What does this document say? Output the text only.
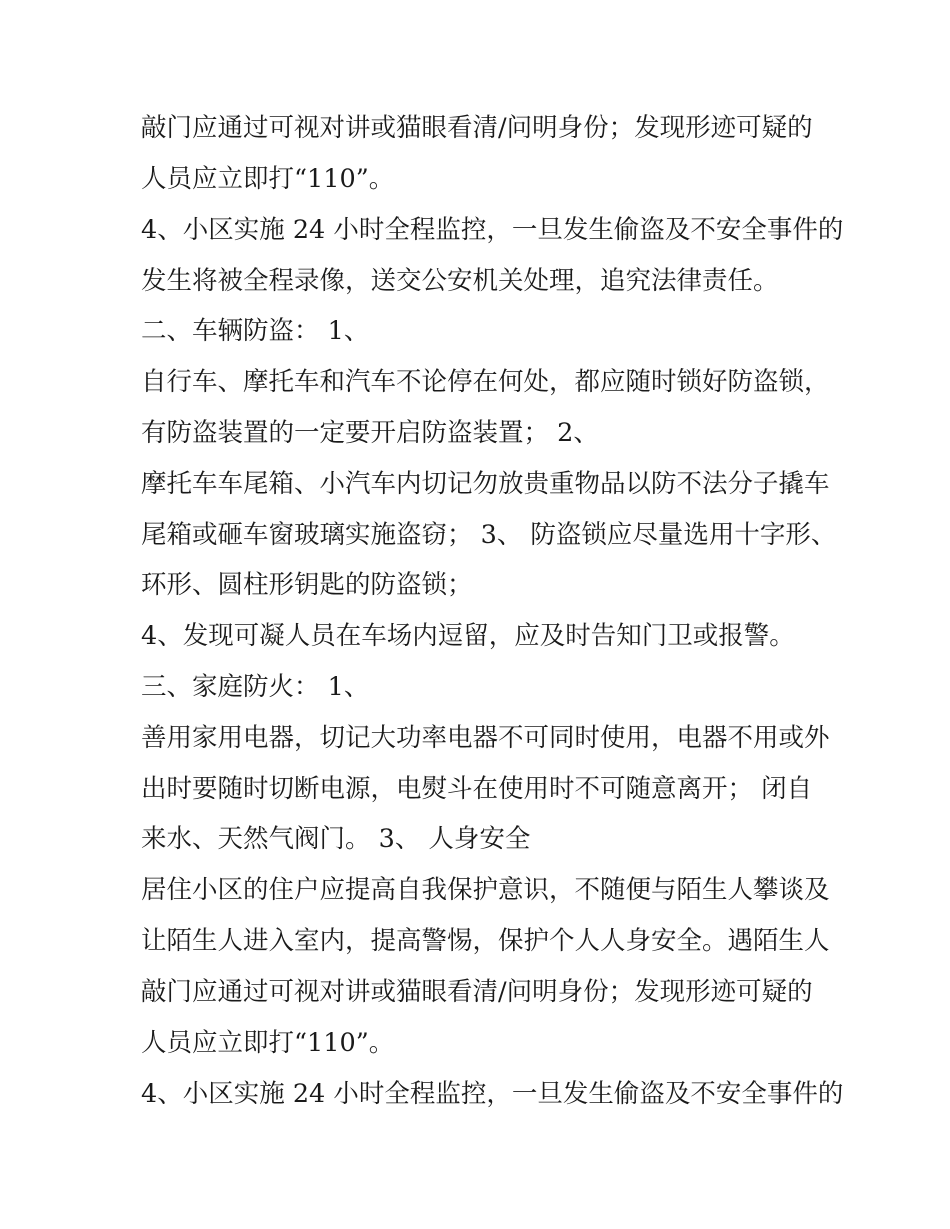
敲门应通过可视对讲或猫眼看清/问明身份；发现形迹可疑的
人员应立即打“110”。
4、小区实施 24 小时全程监控，一旦发生偷盗及不安全事件的
发生将被全程录像，送交公安机关处理，追究法律责任。
二、车辆防盗： 1、
自行车、摩托车和汽车不论停在何处，都应随时锁好防盗锁，
有防盗装置的一定要开启防盗装置； 2、
摩托车车尾箱、小汽车内切记勿放贵重物品以防不法分子撬车
尾箱或砸车窗玻璃实施盗窃； 3、 防盗锁应尽量选用十字形、
环形、圆柱形钥匙的防盗锁；
4、发现可凝人员在车场内逗留，应及时告知门卫或报警。
三、家庭防火： 1、
善用家用电器，切记大功率电器不可同时使用，电器不用或外
出时要随时切断电源，电熨斗在使用时不可随意离开； 闭自
来水、天然气阀门。 3、 人身安全
居住小区的住户应提高自我保护意识，不随便与陌生人攀谈及
让陌生人进入室内，提高警惕，保护个人人身安全。遇陌生人
敲门应通过可视对讲或猫眼看清/问明身份；发现形迹可疑的
人员应立即打“110”。
4、小区实施 24 小时全程监控，一旦发生偷盗及不安全事件的
